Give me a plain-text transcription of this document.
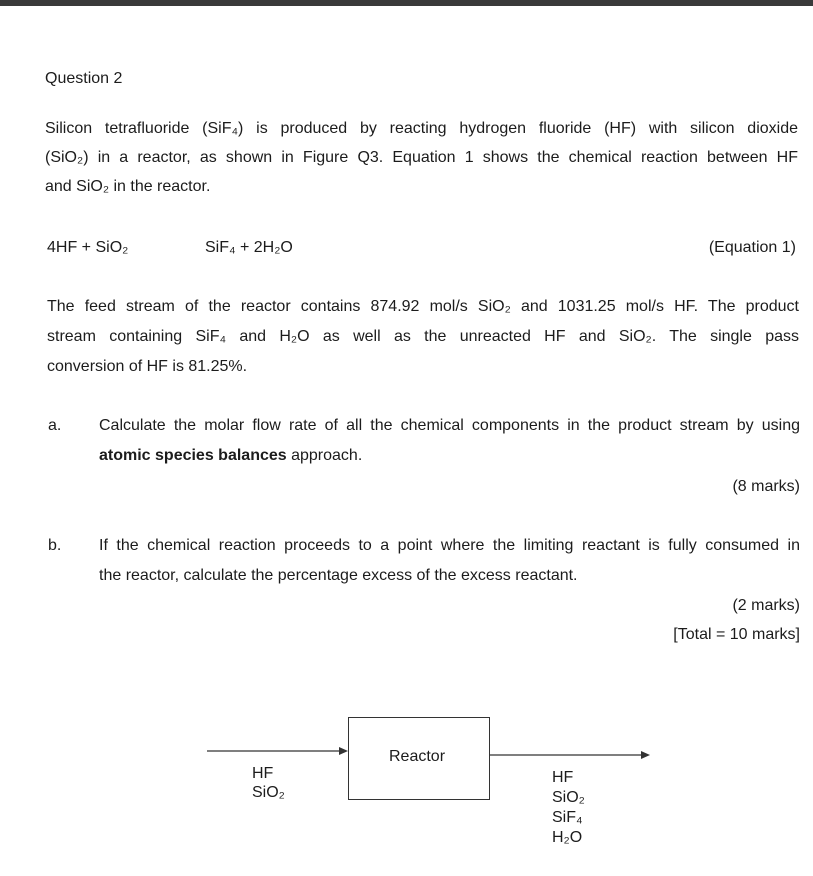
Question 2
Silicon tetrafluoride (SiF₄) is produced by reacting hydrogen fluoride (HF) with silicon dioxide
(SiO₂) in a reactor, as shown in Figure Q3. Equation 1 shows the chemical reaction between HF
and SiO₂ in the reactor.
4HF + SiO₂	SiF₄ + 2H₂O	(Equation 1)
The feed stream of the reactor contains 874.92 mol/s SiO₂ and 1031.25 mol/s HF. The product
stream containing SiF₄ and H₂O as well as the unreacted HF and SiO₂. The single pass
conversion of HF is 81.25%.
a. Calculate the molar flow rate of all the chemical components in the product stream by using
atomic species balances approach.
(8 marks)
b. If the chemical reaction proceeds to a point where the limiting reactant is fully consumed in
the reactor, calculate the percentage excess of the excess reactant.
(2 marks)
[Total = 10 marks]
Reactor
HF
SiO₂
HF
SiO₂
SiF₄
H₂O
